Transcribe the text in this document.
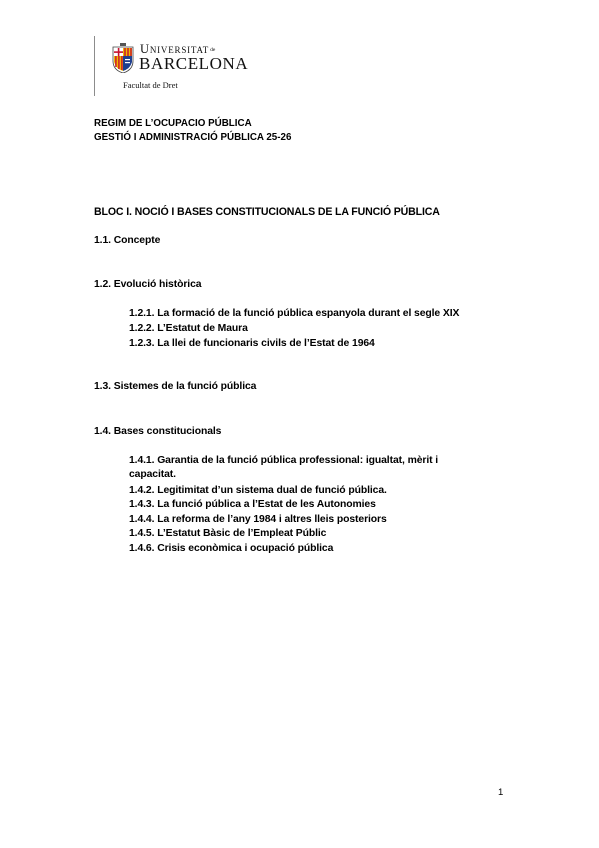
Universitatde
BARCELONA
Facultat de Dret
REGIM DE L’OCUPACIO PÚBLICA
GESTIÓ I ADMINISTRACIÓ PÚBLICA 25-26
BLOC I. NOCIÓ I BASES CONSTITUCIONALS DE LA FUNCIÓ PÚBLICA
1.1. Concepte
1.2. Evolució històrica
1.2.1. La formació de la funció pública espanyola durant el segle XIX
1.2.2. L’Estatut de Maura
1.2.3. La llei de funcionaris civils de l’Estat de 1964
1.3. Sistemes de la funció pública
1.4. Bases constitucionals
1.4.1. Garantia de la funció pública professional: igualtat, mèrit i
capacitat.
1.4.2. Legitimitat d’un sistema dual de funció pública.
1.4.3. La funció pública a l’Estat de les Autonomies
1.4.4. La reforma de l’any 1984 i altres lleis posteriors
1.4.5. L’Estatut Bàsic de l’Empleat Públic
1.4.6. Crisis econòmica i ocupació pública
1
